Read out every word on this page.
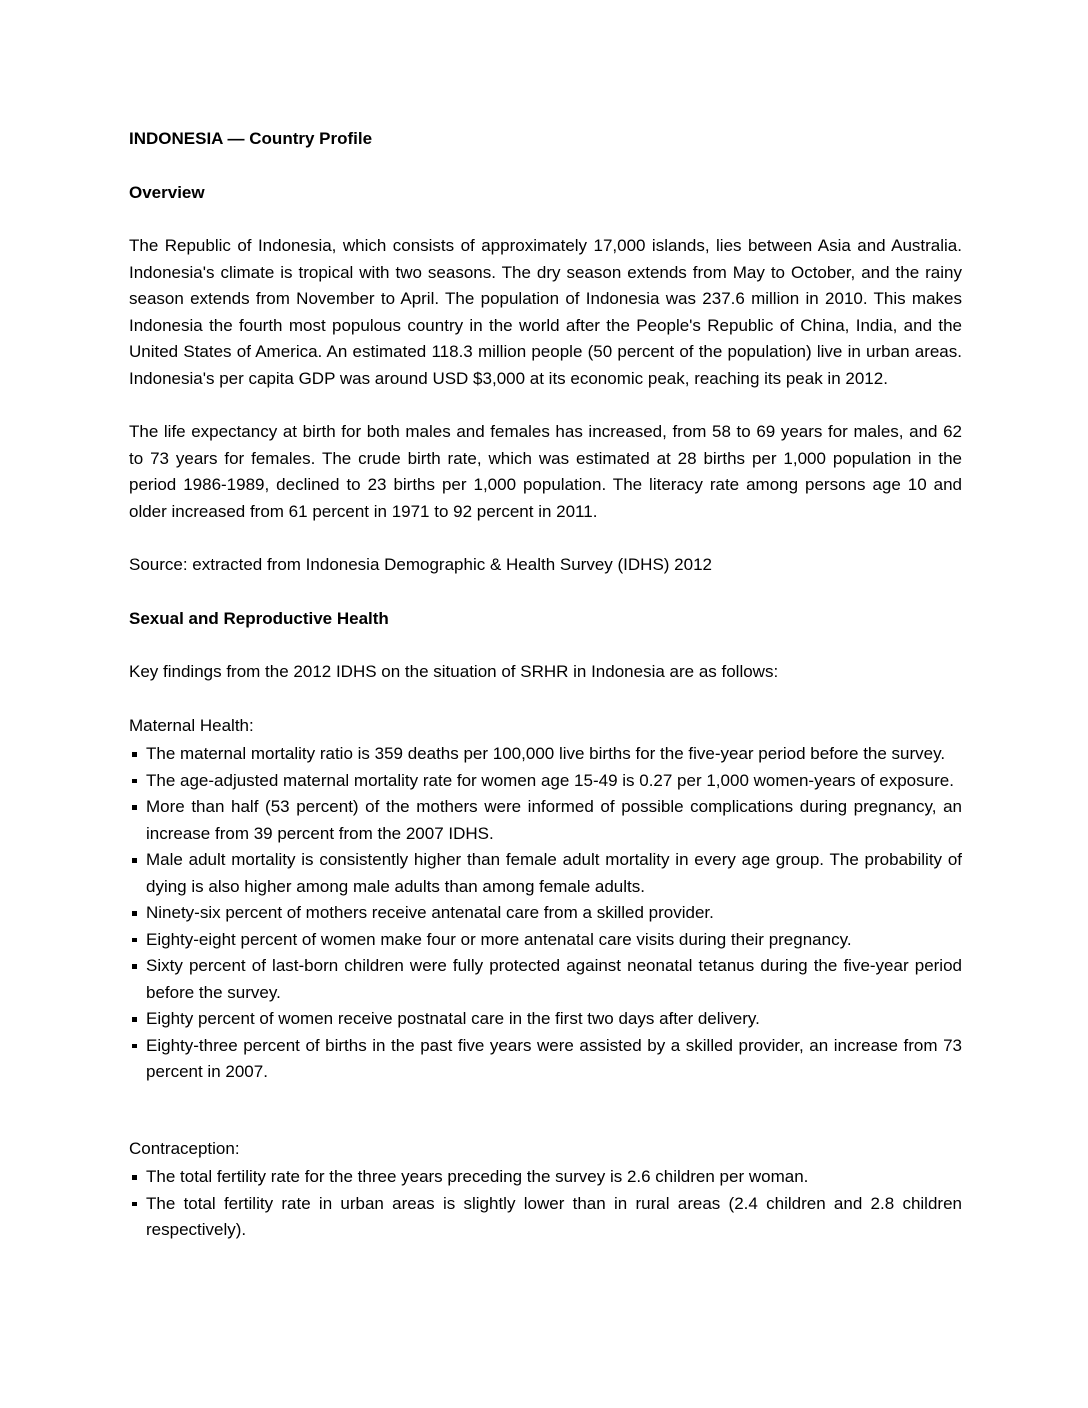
INDONESIA — Country Profile
Overview

The Republic of Indonesia, which consists of approximately 17,000 islands, lies between Asia and Australia. Indonesia's climate is tropical with two seasons. The dry season extends from May to October, and the rainy season extends from November to April. The population of Indonesia was 237.6 million in 2010. This makes Indonesia the fourth most populous country in the world after the People's Republic of China, India, and the United States of America. An estimated 118.3 million people (50 percent of the population) live in urban areas. Indonesia's per capita GDP was around USD $3,000 at its economic peak, reaching its peak in 2012.

The life expectancy at birth for both males and females has increased, from 58 to 69 years for males, and 62 to 73 years for females. The crude birth rate, which was estimated at 28 births per 1,000 population in the period 1986-1989, declined to 23 births per 1,000 population. The literacy rate among persons age 10 and older increased from 61 percent in 1971 to 92 percent in 2011.

Source: extracted from Indonesia Demographic & Health Survey (IDHS) 2012
Sexual and Reproductive Health
Key findings from the 2012 IDHS on the situation of SRHR in Indonesia are as follows:
Maternal Health:
The maternal mortality ratio is 359 deaths per 100,000 live births for the five-year period before the survey.
The age-adjusted maternal mortality rate for women age 15-49 is 0.27 per 1,000 women-years of exposure.
More than half (53 percent) of the mothers were informed of possible complications during pregnancy, an increase from 39 percent from the 2007 IDHS.
Male adult mortality is consistently higher than female adult mortality in every age group. The probability of dying is also higher among male adults than among female adults.
Ninety-six percent of mothers receive antenatal care from a skilled provider.
Eighty-eight percent of women make four or more antenatal care visits during their pregnancy.
Sixty percent of last-born children were fully protected against neonatal tetanus during the five-year period before the survey.
Eighty percent of women receive postnatal care in the first two days after delivery.
Eighty-three percent of births in the past five years were assisted by a skilled provider, an increase from 73 percent in 2007.
Contraception:
The total fertility rate for the three years preceding the survey is 2.6 children per woman.
The total fertility rate in urban areas is slightly lower than in rural areas (2.4 children and 2.8 children respectively).
